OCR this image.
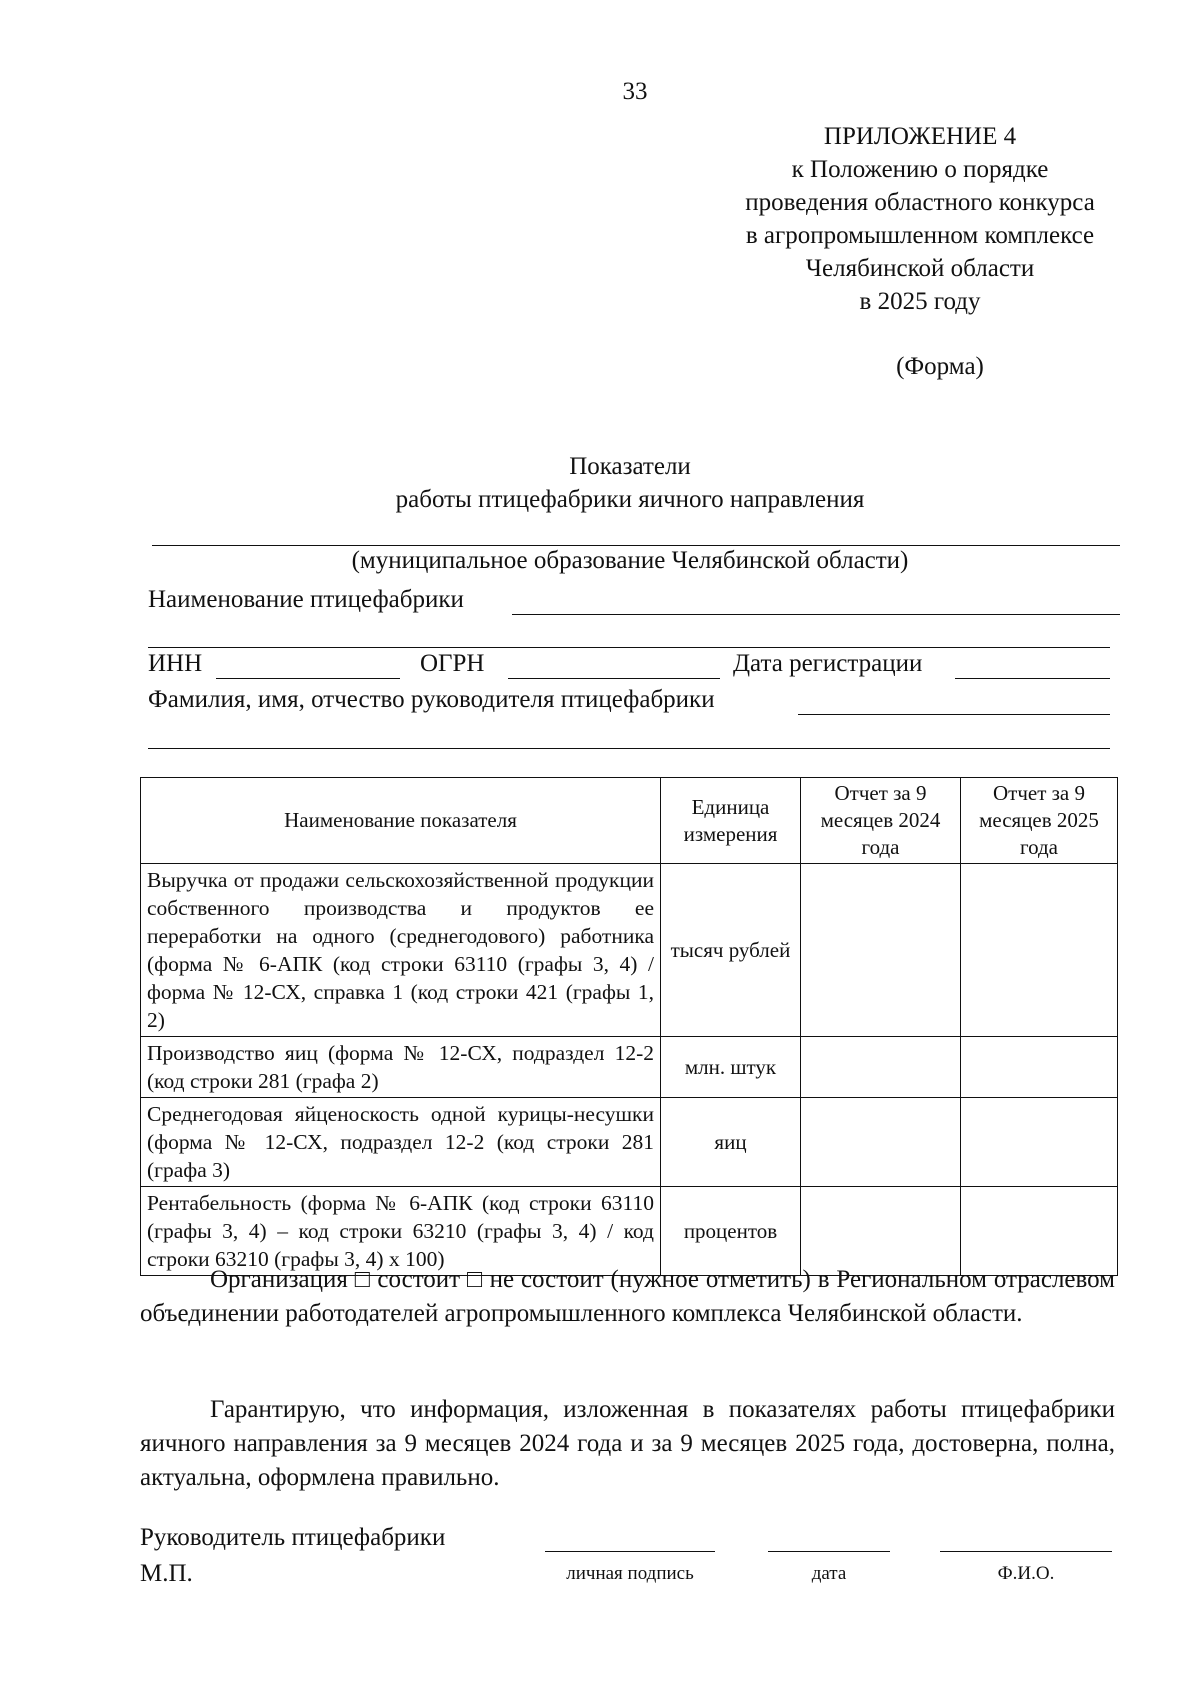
33
ПРИЛОЖЕНИЕ 4
к Положению о порядке
проведения областного конкурса
в агропромышленном комплексе
Челябинской области
в 2025 году
(Форма)
Показатели
работы птицефабрики яичного направления
(муниципальное образование Челябинской области)
Наименование птицефабрики
ИНН	ОГРН	Дата регистрации
Фамилия, имя, отчество руководителя птицефабрики
Наименование показателя	Единица измерения	Отчет за 9 месяцев 2024 года	Отчет за 9 месяцев 2025 года
Выручка от продажи сельскохозяйственной продукции собственного производства и продуктов ее переработки на одного (среднегодового) работника (форма № 6-АПК (код строки 63110 (графы 3, 4) / форма № 12-СХ, справка 1 (код строки 421 (графы 1, 2)	тысяч рублей		
Производство яиц (форма № 12-СХ, подраздел 12-2 (код строки 281 (графа 2)	млн. штук		
Среднегодовая яйценоскость одной курицы-несушки (форма № 12-СХ, подраздел 12-2 (код строки 281 (графа 3)	яиц		
Рентабельность (форма № 6-АПК (код строки 63110 (графы 3, 4) – код строки 63210 (графы 3, 4) / код строки 63210 (графы 3, 4) х 100)	процентов		
Организация □ состоит □ не состоит (нужное отметить) в Региональном отраслевом объединении работодателей агропромышленного комплекса Челябинской области.
Гарантирую, что информация, изложенная в показателях работы птицефабрики яичного направления за 9 месяцев 2024 года и за 9 месяцев 2025 года, достоверна, полна, актуальна, оформлена правильно.
Руководитель птицефабрики
М.П.	личная подпись	дата	Ф.И.О.
